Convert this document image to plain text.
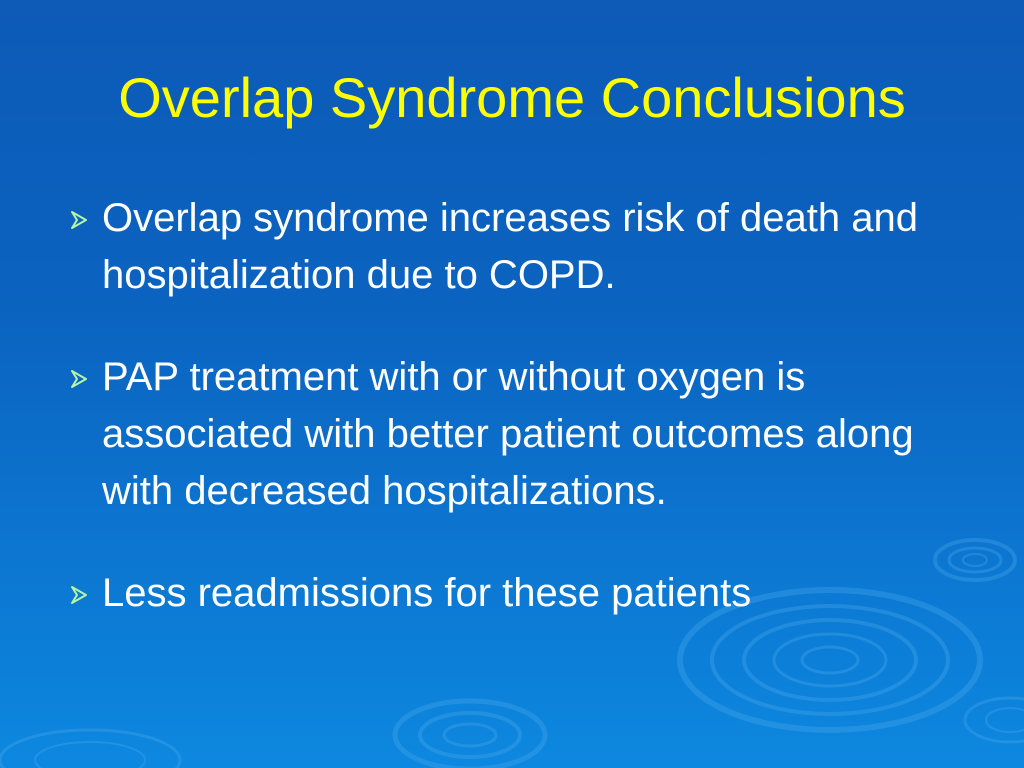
Overlap Syndrome Conclusions
Overlap syndrome increases risk of death and hospitalization due to COPD.
PAP treatment with or without oxygen is associated with better patient outcomes along with decreased hospitalizations.
Less readmissions for these patients
